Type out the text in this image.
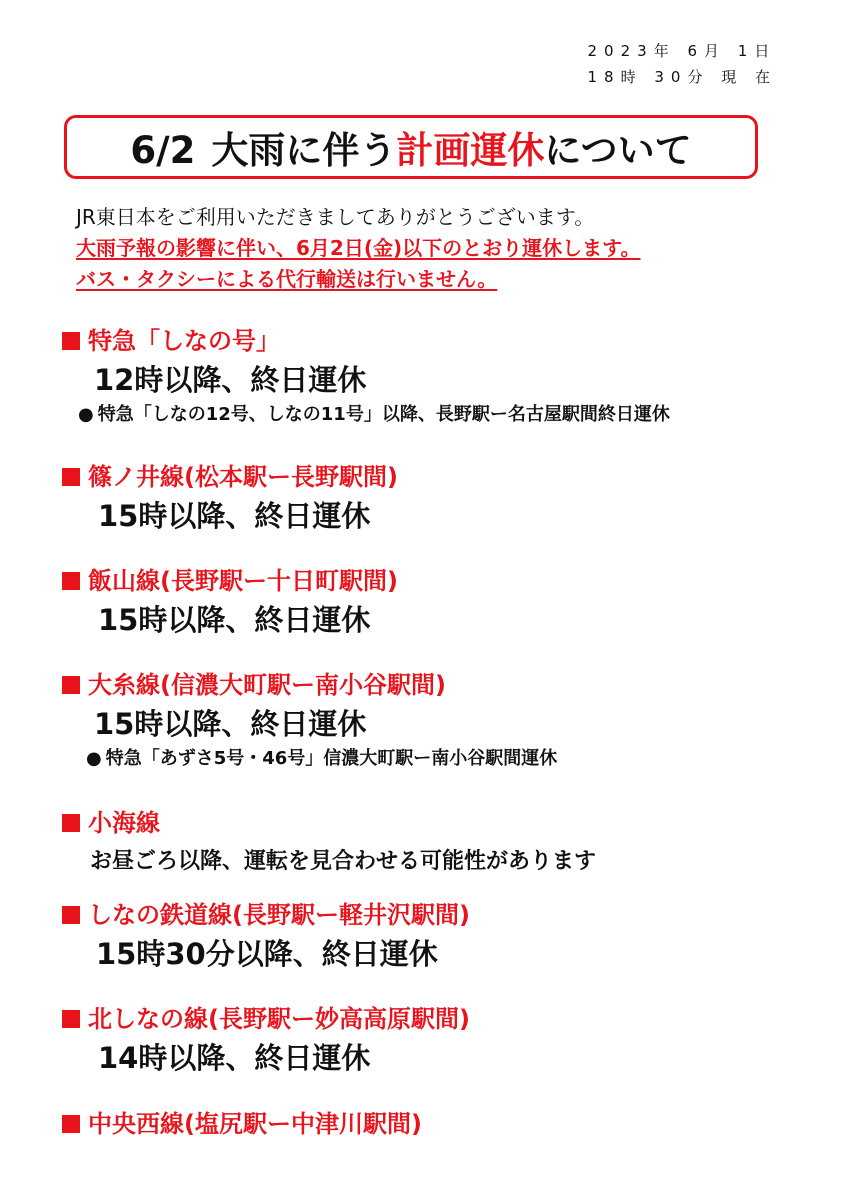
2023年 6月 1日
18時 30分 現 在
6/2 大雨に伴う計画運休について
JR東日本をご利用いただきましてありがとうございます。
大雨予報の影響に伴い、6月2日(金)以下のとおり運休します。
バス・タクシーによる代行輸送は行いません。
特急「しなの号」
12時以降、終日運休
● 特急「しなの12号、しなの11号」以降、長野駅ー名古屋駅間終日運休
篠ノ井線(松本駅ー長野駅間)
15時以降、終日運休
飯山線(長野駅ー十日町駅間)
15時以降、終日運休
大糸線(信濃大町駅ー南小谷駅間)
15時以降、終日運休
● 特急「あずさ5号・46号」信濃大町駅ー南小谷駅間運休
小海線
お昼ごろ以降、運転を見合わせる可能性があります
しなの鉄道線(長野駅ー軽井沢駅間)
15時30分以降、終日運休
北しなの線(長野駅ー妙高高原駅間)
14時以降、終日運休
中央西線(塩尻駅ー中津川駅間)
